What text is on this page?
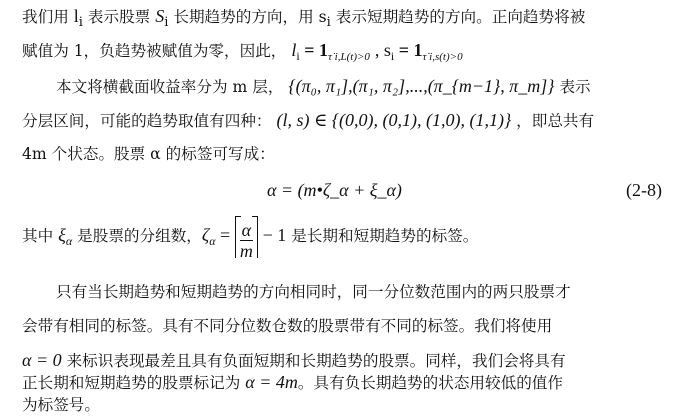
我们用 $l_i$ 表示股票 $S_i$ 长期趋势的方向，用 $s_i$ 表示短期趋势的方向。正向趋势将被
赋值为 1，负趋势被赋值为零，因此， $l_i = 1_{\tau̇ i,L(t)>0}$ , $s_i = 1_{\tau̇ i,s(t)>0}$
本文将横截面收益率分为 m 层， {(π₀, π₁],(π₁, π₂],...,(π_{m−1}, π_m]} 表示
分层区间，可能的趋势取值有四种： (l, s) ∈ {(0,0), (0,1), (1,0), (1,1)} ，即总共有
4m 个状态。股票 α 的标签可写成：
α = (m•ζ_α + ξ_α)	(2-8)
其中 $\xi_\alpha$ 是股票的分组数，$\zeta_\alpha = \frac{\alpha}{m} - 1$ 是长期和短期趋势的标签。
只有当长期趋势和短期趋势的方向相同时，同一分位数范围内的两只股票才
会带有相同的标签。具有不同分位数仓数的股票带有不同的标签。我们将使用
α = 0 来标识表现最差且具有负面短期和长期趋势的股票。同样，我们会将具有
正长期和短期趋势的股票标记为 α = 4m。具有负长期趋势的状态用较低的值作
为标签号。
